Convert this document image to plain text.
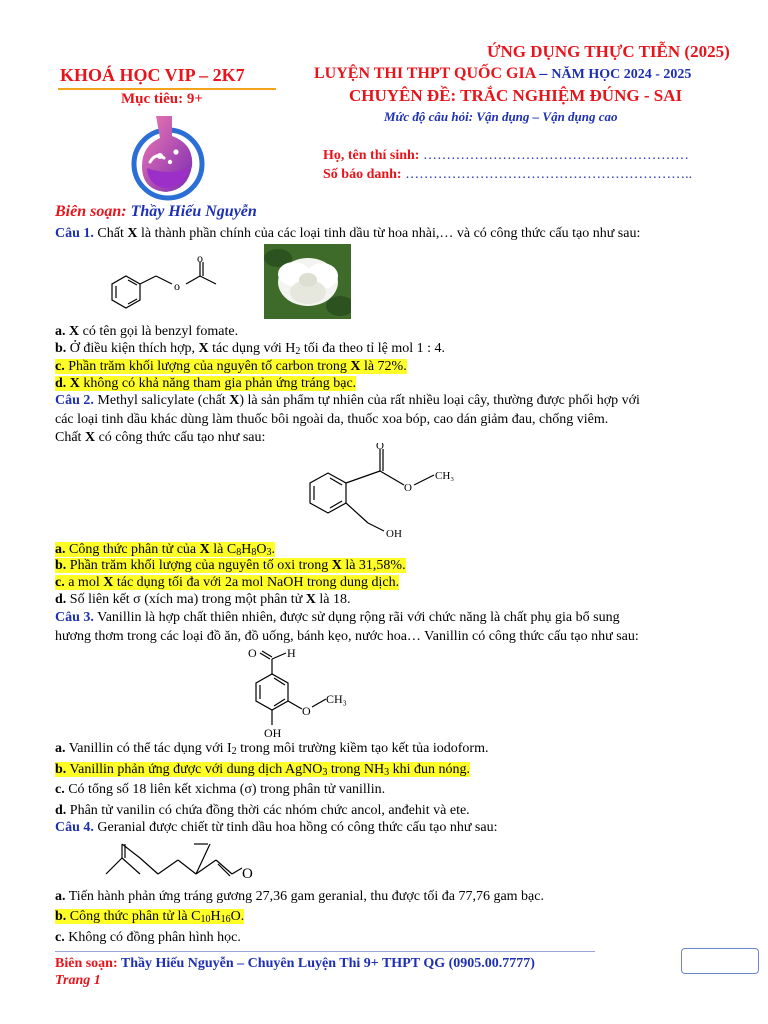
ỨNG DỤNG THỰC TIỄN (2025)
KHOÁ HỌC VIP – 2K7
Mục tiêu: 9+
LUYỆN THI THPT QUỐC GIA – NĂM HỌC 2024 - 2025
CHUYÊN ĐỀ: TRẮC NGHIỆM ĐÚNG - SAI
Mức độ câu hỏi: Vận dụng – Vận dụng cao
Họ, tên thí sinh: …………………………………………………
Số báo danh: ……………………………………………………..
Biên soạn: Thầy Hiếu Nguyễn
Câu 1. Chất X là thành phần chính của các loại tinh dầu từ hoa nhài,… và có công thức cấu tạo như sau:
o
o
a. X có tên gọi là benzyl fomate.
b. Ở điều kiện thích hợp, X tác dụng với $H_2$ tối đa theo tỉ lệ mol 1 : 4.
c. Phần trăm khối lượng của nguyên tố carbon trong X là 72%.
d. X không có khả năng tham gia phản ứng tráng bạc.
Câu 2. Methyl salicylate (chất X) là sản phẩm tự nhiên của rất nhiều loại cây, thường được phối hợp với
các loại tinh dầu khác dùng làm thuốc bôi ngoài da, thuốc xoa bóp, cao dán giảm đau, chống viêm.
Chất X có công thức cấu tạo như sau:
O
O
CH₃
OH
a. Công thức phân tử của X là $C_8H_8O_3$.
b. Phần trăm khối lượng của nguyên tố oxi trong X là 31,58%.
c. a mol X tác dụng tối đa với 2a mol NaOH trong dung dịch.
d. Số liên kết σ (xích ma) trong một phân tử X là 18.
Câu 3. Vanillin là hợp chất thiên nhiên, được sử dụng rộng rãi với chức năng là chất phụ gia bổ sung
hương thơm trong các loại đồ ăn, đồ uống, bánh kẹo, nước hoa… Vanillin có công thức cấu tạo như sau:
O	H
O
CH₃
OH
a. Vanillin có thể tác dụng với $I_2$ trong môi trường kiềm tạo kết tủa iodoform.
b. Vanillin phản ứng được với dung dịch AgNO$_3$ trong $NH_3$ khi đun nóng.
c. Có tổng số 18 liên kết xichma (σ) trong phân tử vanillin.
d. Phân tử vanilin có chứa đồng thời các nhóm chức ancol, anđehit và ete.
Câu 4. Geranial được chiết từ tinh dầu hoa hồng có công thức cấu tạo như sau:
O
a. Tiến hành phản ứng tráng gương 27,36 gam geranial, thu được tối đa 77,76 gam bạc.
b. Công thức phân tử là $C_{10}H_{16}O$.
c. Không có đồng phân hình học.
Biên soạn: Thầy Hiếu Nguyễn – Chuyên Luyện Thi 9+ THPT QG (0905.00.7777)
Trang 1
